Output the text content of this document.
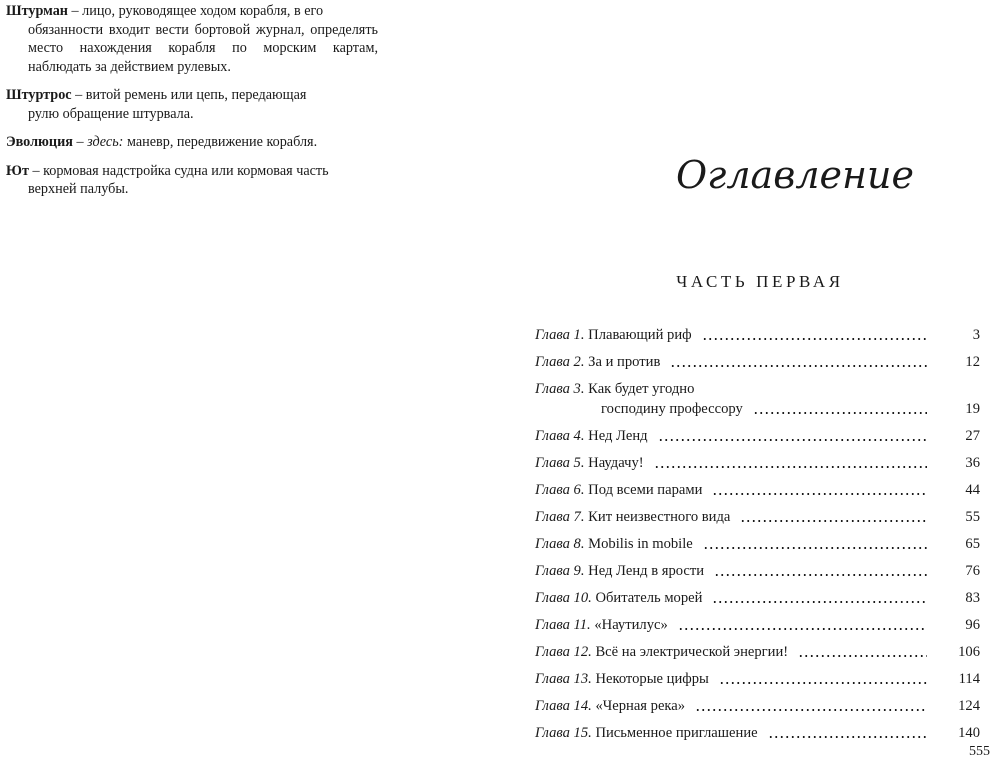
Штурман – лицо, руководящее ходом корабля, в его
обязанности входит вести бортовой журнал, определять место нахождения корабля по морским картам, наблюдать за действием рулевых.
Штуртрос – витой ремень или цепь, передающая
рулю обращение штурвала.
Эволюция – здесь: маневр, передвижение корабля.
Ют – кормовая надстройка судна или кормовая часть
верхней палубы.	Оглавление
ЧАСТЬ ПЕРВАЯ
Глава 1. Плавающий риф	3
Глава 2. За и против	12
Глава 3. Как будет угодно
господину профессору	19
Глава 4. Нед Ленд	27
Глава 5. Наудачу!	36
Глава 6. Под всеми парами	44
Глава 7. Кит неизвестного вида	55
Глава 8. Mobilis in mobile	65
Глава 9. Нед Ленд в ярости	76
Глава 10. Обитатель морей	83
Глава 11. «Наутилус»	96
Глава 12. Всё на электрической энергии!	106
Глава 13. Некоторые цифры	114
Глава 14. «Черная река»	124
Глава 15. Письменное приглашение	140
555
